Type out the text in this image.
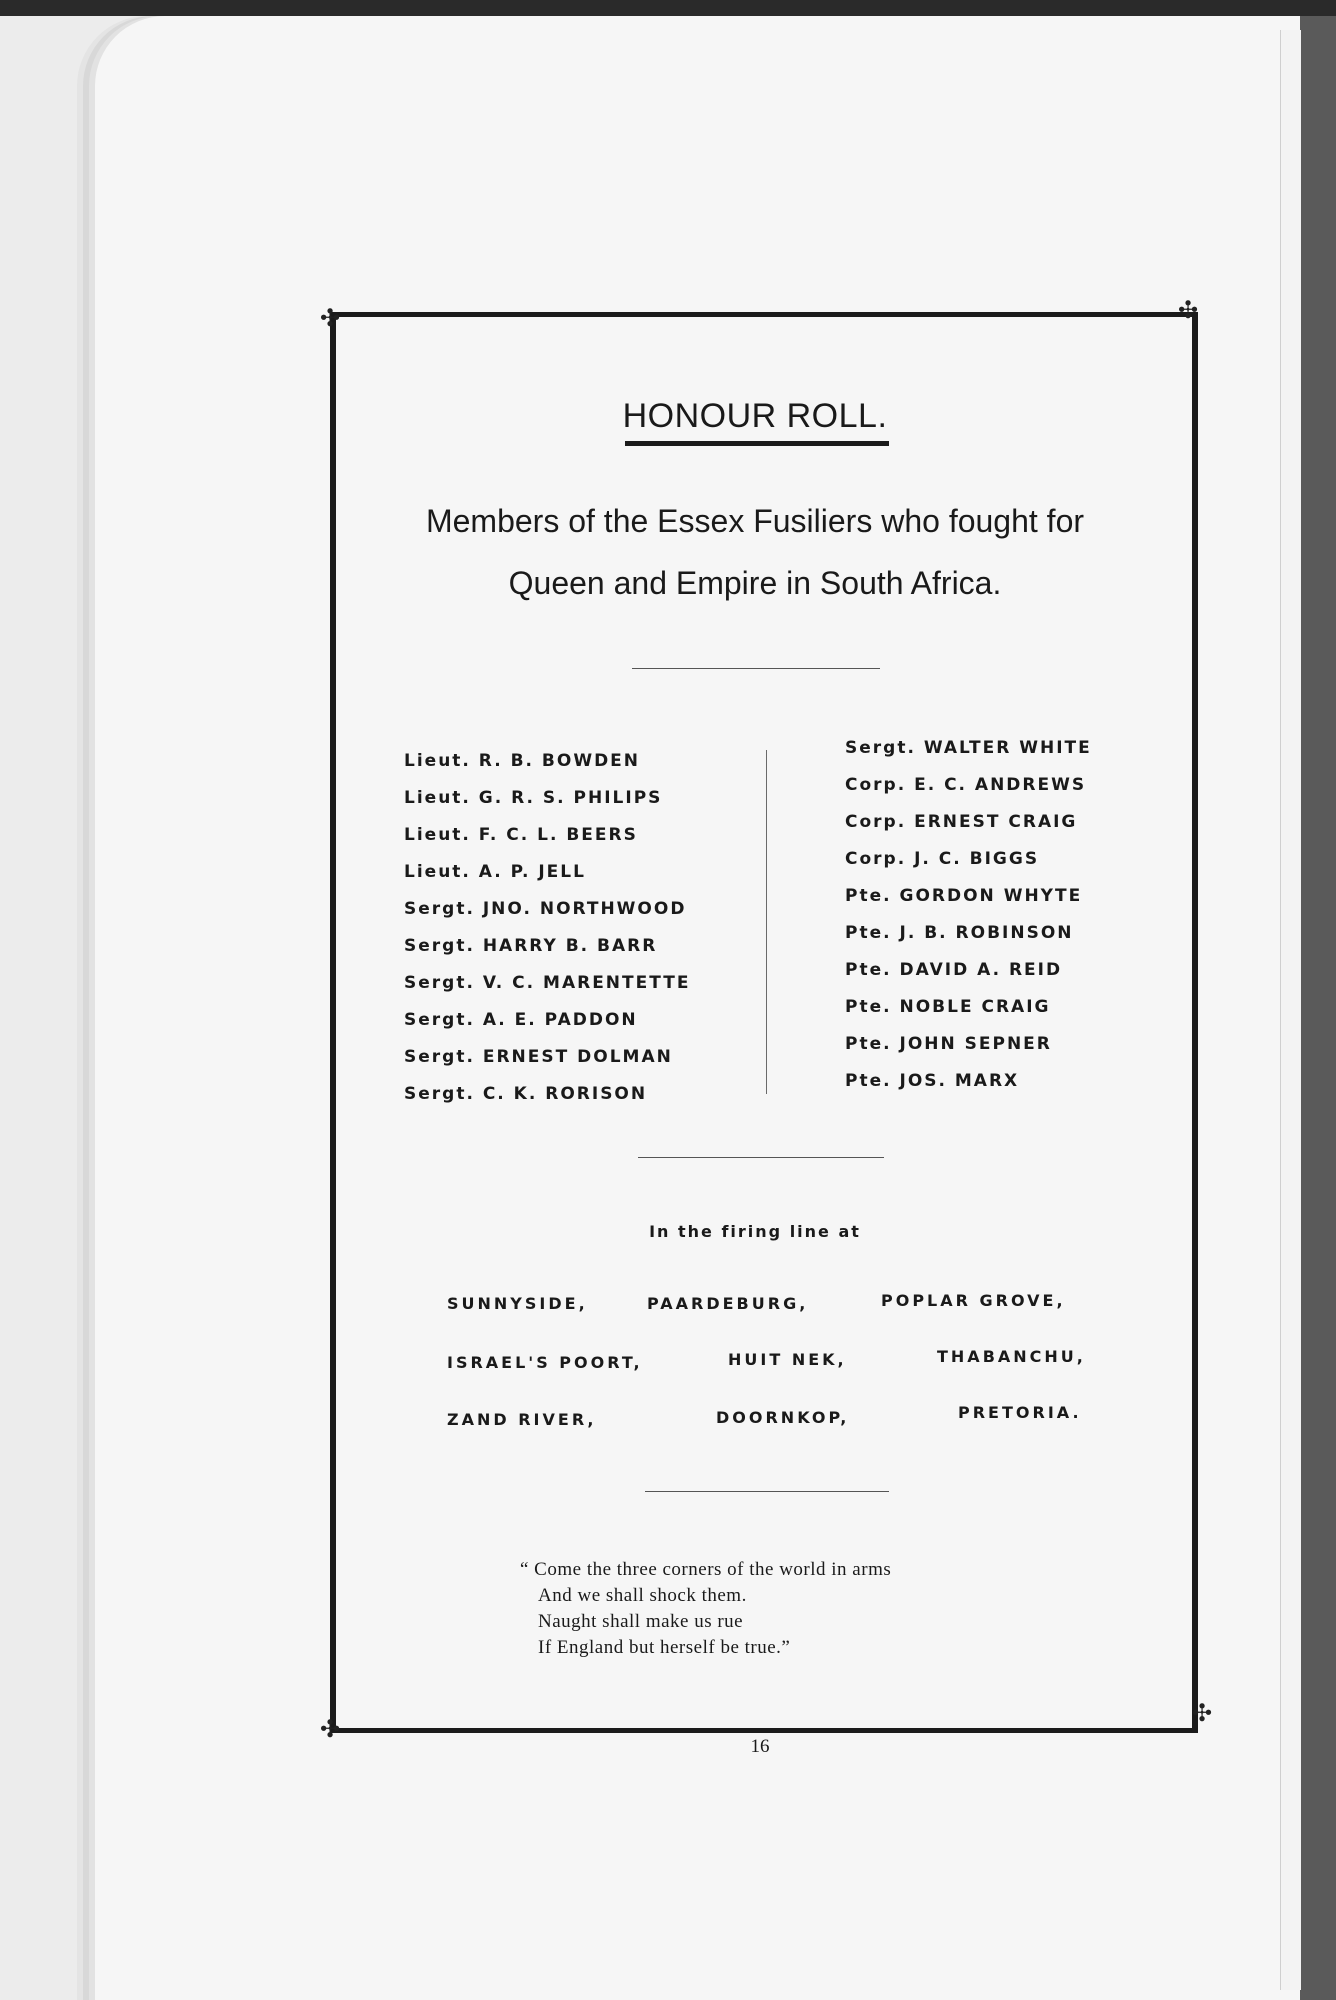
✣	✣
✣
✣
HONOUR ROLL.
Members of the Essex Fusiliers who fought for
Queen and Empire in South Africa.
Lieut. R. B. BOWDEN
Lieut. G. R. S. PHILIPS
Lieut. F. C. L. BEERS
Lieut. A. P. JELL
Sergt. JNO. NORTHWOOD
Sergt. HARRY B. BARR
Sergt. V. C. MARENTETTE
Sergt. A. E. PADDON
Sergt. ERNEST DOLMAN
Sergt. C. K. RORISON
Sergt. WALTER WHITE
Corp. E. C. ANDREWS
Corp. ERNEST CRAIG
Corp. J. C. BIGGS
Pte. GORDON WHYTE
Pte. J. B. ROBINSON
Pte. DAVID A. REID
Pte. NOBLE CRAIG
Pte. JOHN SEPNER
Pte. JOS. MARX
In the firing line at
SUNNYSIDE,	PAARDEBURG,	POPLAR GROVE,
ISRAEL'S POORT,	HUIT NEK,	THABANCHU,
ZAND RIVER,	DOORNKOP,	PRETORIA.
“ Come the three corners of the world in arms
And we shall shock them.
Naught shall make us rue
If England but herself be true.”
16
